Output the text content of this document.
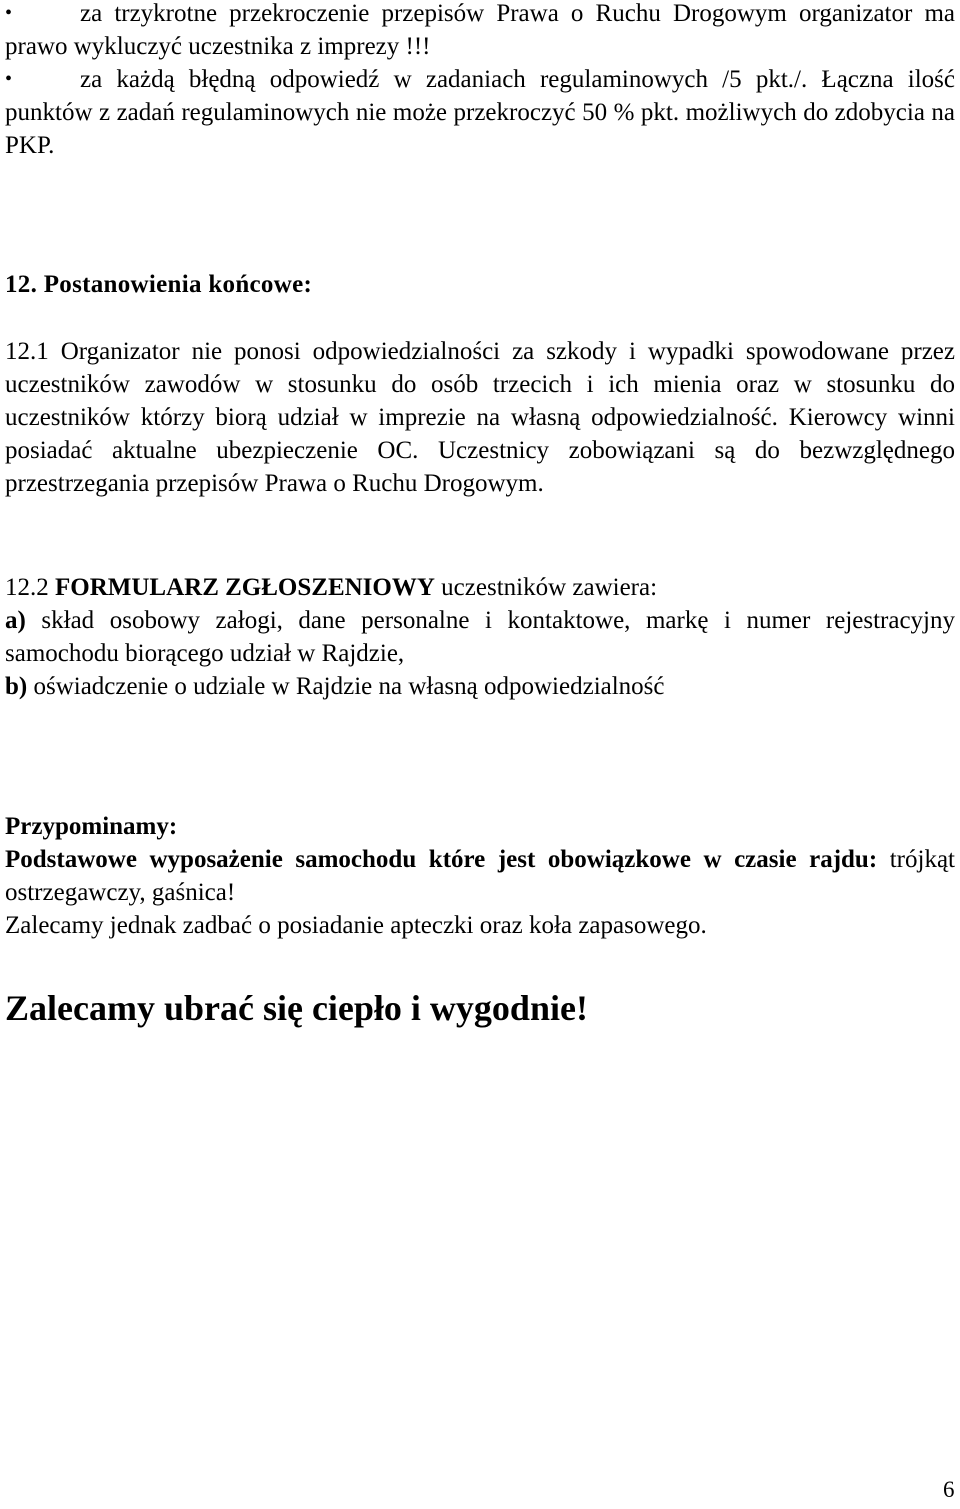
•	za trzykrotne przekroczenie przepisów Prawa o Ruchu Drogowym organizator ma prawo wykluczyć uczestnika z imprezy !!!

•	za każdą błędną odpowiedź w zadaniach regulaminowych /5 pkt./. Łączna ilość punktów z zadań regulaminowych nie może przekroczyć 50 % pkt. możliwych do zdobycia na PKP.

12. Postanowienia końcowe:

12.1 Organizator nie ponosi odpowiedzialności za szkody i wypadki spowodowane przez uczestników zawodów w stosunku do osób trzecich i ich mienia oraz w stosunku do uczestników którzy biorą udział w imprezie na własną odpowiedzialność. Kierowcy winni posiadać aktualne ubezpieczenie OC. Uczestnicy zobowiązani są do bezwzględnego przestrzegania przepisów Prawa o Ruchu Drogowym.

12.2 FORMULARZ ZGŁOSZENIOWY uczestników zawiera:

a) skład osobowy załogi, dane personalne i kontaktowe, markę i numer rejestracyjny samochodu biorącego udział w Rajdzie,

b) oświadczenie o udziale w Rajdzie na własną odpowiedzialność

Przypominamy:

Podstawowe wyposażenie samochodu które jest obowiązkowe w czasie rajdu: trójkąt ostrzegawczy, gaśnica!

Zalecamy jednak zadbać o posiadanie apteczki oraz koła zapasowego.

Zalecamy ubrać się ciepło i wygodnie!
6
